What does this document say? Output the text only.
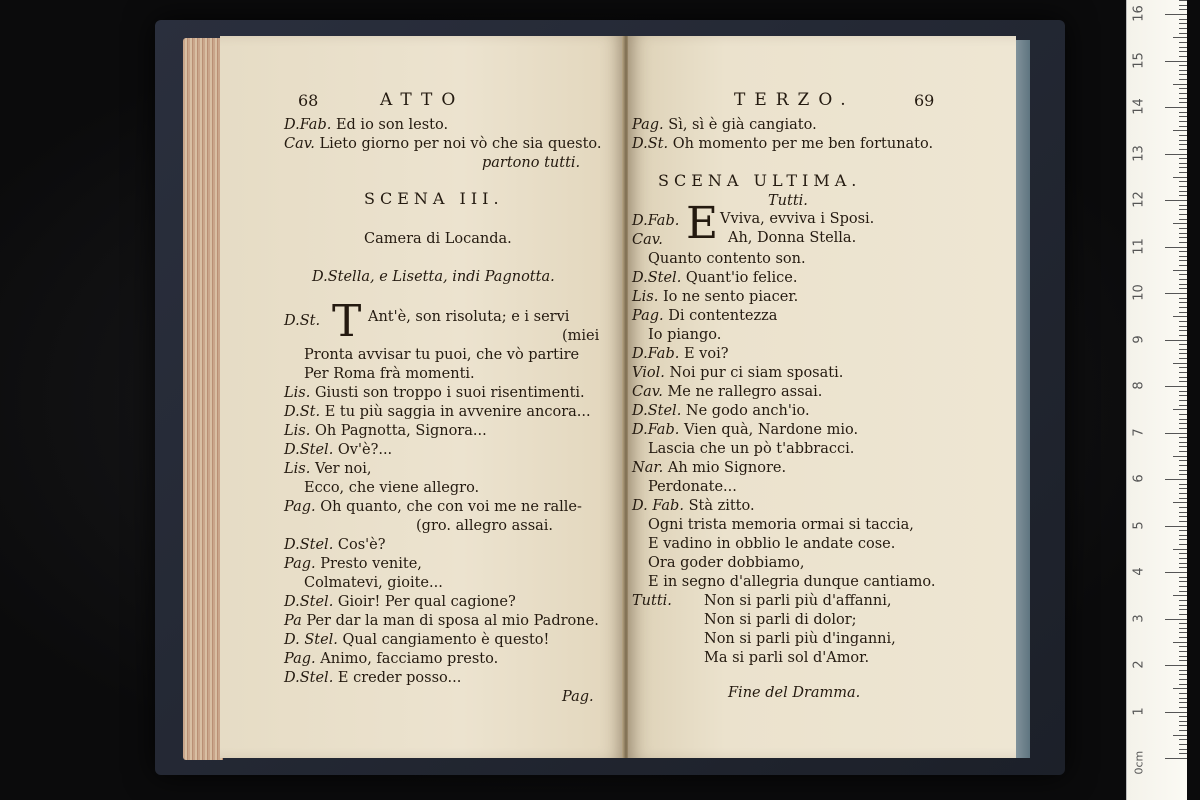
68	ATTO
D.Fab. Ed io son lesto.
Cav. Lieto giorno per noi vò che sia questo.
partono tutti.
SCENA III.
Camera di Locanda.
D.Stella, e Lisetta, indi Pagnotta.
D.St. T Ant'è, son risoluta; e i servi
(miei
Pronta avvisar tu puoi, che vò partire
Per Roma frà momenti.
Lis. Giusti son troppo i suoi risentimenti.
D.St. E tu più saggia in avvenire ancora...
Lis. Oh Pagnotta, Signora...
D.Stel. Ov'è?...
Lis. Ver noi,
Ecco, che viene allegro.
Pag. Oh quanto, che con voi me ne ralle-
(gro. allegro assai.
D.Stel. Cos'è?
Pag. Presto venite,
Colmatevi, gioite...
D.Stel. Gioir! Per qual cagione?
Pa Per dar la man di sposa al mio Padrone.
D. Stel. Qual cangiamento è questo!
Pag. Animo, facciamo presto.
D.Stel. E creder posso...
Pag.
TERZO.	69
Pag. Sì, sì è già cangiato.
D.St. Oh momento per me ben fortunato.
SCENA ULTIMA.
Tutti.
D.Fab. E Vviva, evviva i Sposi.
Cav.	Ah, Donna Stella.
Quanto contento son.
D.Stel. Quant'io felice.
Lis. Io ne sento piacer.
Pag. Di contentezza
Io piango.
D.Fab. E voi?
Viol. Noi pur ci siam sposati.
Cav. Me ne rallegro assai.
D.Stel. Ne godo anch'io.
D.Fab. Vien quà, Nardone mio.
Lascia che un pò t'abbracci.
Nar. Ah mio Signore.
Perdonate...
D. Fab. Stà zitto.
Ogni trista memoria ormai si taccia,
E vadino in obblio le andate cose.
Ora goder dobbiamo,
E in segno d'allegria dunque cantiamo.
Tutti. Non si parli più d'affanni,
Non si parli di dolor;
Non si parli più d'inganni,
Ma si parli sol d'Amor.
Fine del Dramma.
0cm
1
2
3
4
5
6
7
8
9
10
11
12
13
14
15
16
